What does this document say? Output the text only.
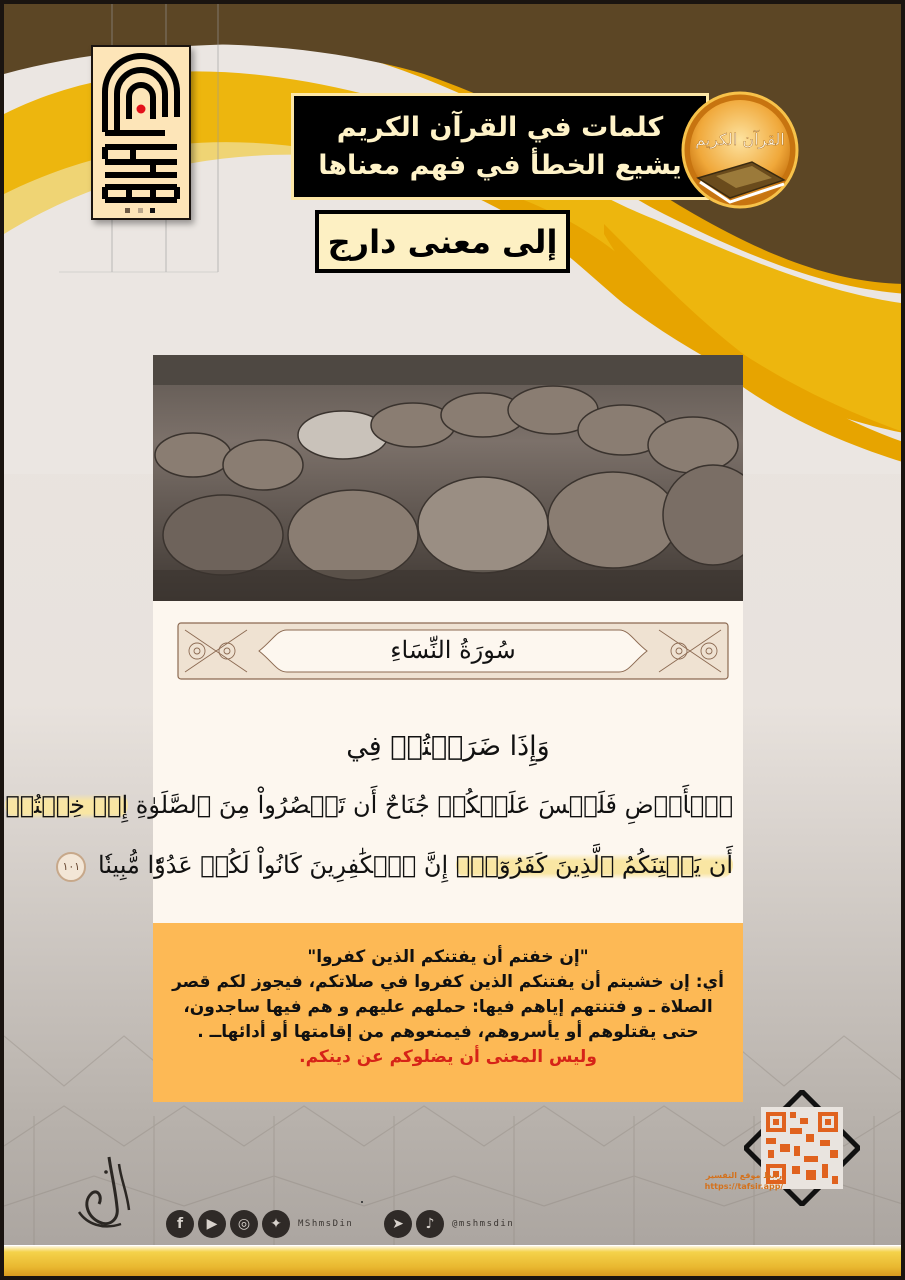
كلمات في القرآن الكريم
يشيع الخطأ في فهم معناها
القرآن الكريم
إلى معنى دارج
سُورَةُ النِّسَاءِ
وَإِذَا ضَرَبۡتُمۡ فِي
ٱلۡأَرۡضِ فَلَيۡسَ عَلَيۡكُمۡ جُنَاحٌ أَن تَقۡصُرُواْ مِنَ ٱلصَّلَوٰةِ إِنۡ خِفۡتُمۡ
أَن يَفۡتِنَكُمُ ٱلَّذِينَ كَفَرُوٓاْۚ إِنَّ ٱلۡكَٰفِرِينَ كَانُواْ لَكُمۡ عَدُوّٗا مُّبِينٗا ١٠١
"إن خفتم أن يفتنكم الذين كفروا"
أي: إن خشيتم أن يفتنكم الذين كفروا في صلاتكم، فيجوز لكم قصر الصلاة ـ و فتنتهم إياهم فيها: حملهم عليهم و هم فيها ساجدون، حتى يقتلوهم أو يأسروهم، فيمنعوهم من إقامتها أو أدائهاــ .
وليس المعنى أن يضلوكم عن دينكم.
f	▶	◎	✦	MShmsDin	➤	♪	@mshmsdin
رابط موقع التفسير
https://tafsir.app/
